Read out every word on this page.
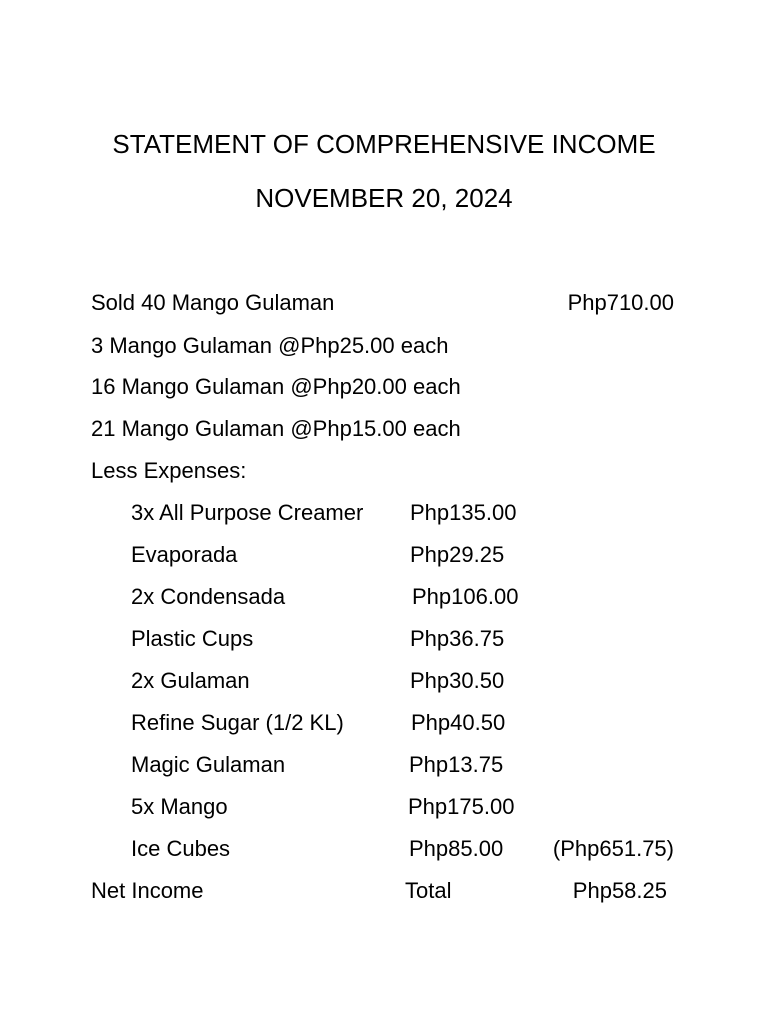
STATEMENT OF COMPREHENSIVE INCOME
NOVEMBER 20, 2024
Sold 40 Mango Gulaman	Php710.00
3 Mango Gulaman @Php25.00 each
16 Mango Gulaman @Php20.00 each
21 Mango Gulaman @Php15.00 each
Less Expenses:
3x All Purpose Creamer Php135.00
Evaporada	Php29.25
2x Condensada	Php106.00
Plastic Cups	Php36.75
2x Gulaman	Php30.50
Refine Sugar (1/2 KL)	Php40.50
Magic Gulaman	Php13.75
5x Mango	Php175.00
Ice Cubes	Php85.00 (Php651.75)
Net Income	Total	Php58.25
